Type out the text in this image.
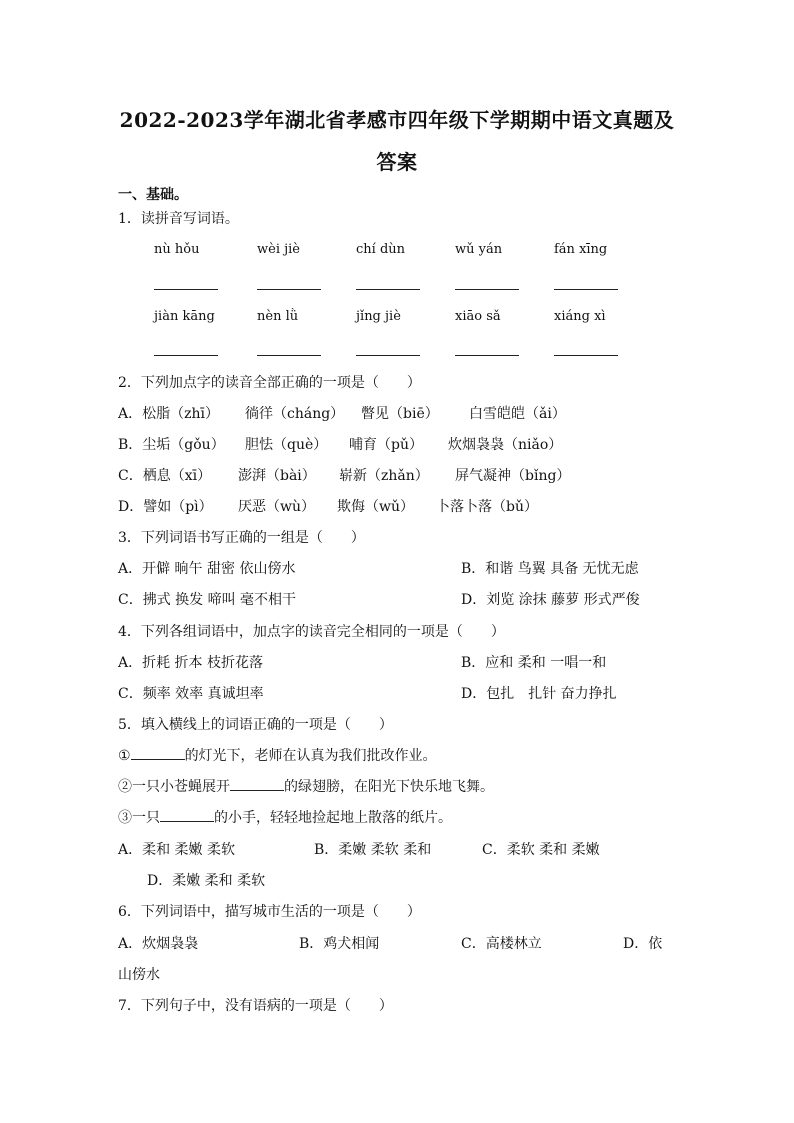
2022-2023学年湖北省孝感市四年级下学期期中语文真题及
答案
一、基础。
1．读拼音写词语。
nù hǒu	wèi jiè	chí dùn	wǔ yán	fán xīng
jiàn kāng	nèn lǜ	jǐng jiè	xiāo sǎ	xiáng xì
2．下列加点字的读音全部正确的一项是（　　）
A．松脂（zhī） 徜徉（cháng） 瞥见（biē） 白雪皑皑（ǎi）
B．尘垢（gǒu） 胆怯（què） 哺育（pǔ） 炊烟袅袅（niǎo）
C．栖息（xī） 澎湃（bài） 崭新（zhǎn） 屏气凝神（bǐng）
D．譬如（pì） 厌恶（wù） 欺侮（wǔ） 卜落卜落（bǔ）
3．下列词语书写正确的一组是（　　）
A．开僻 晌午 甜密 依山傍水	B．和谐 鸟翼 具备 无忧无虑
C．拂式 换发 啼叫 毫不相干	D．刘览 涂抹 藤萝 形式严俊
4．下列各组词语中，加点字的读音完全相同的一项是（　　）
A．折耗 折本 枝折花落	B．应和 柔和 一唱一和
C．频率 效率 真诚坦率	D．包扎　扎针 奋力挣扎
5．填入横线上的词语正确的一项是（　　）
①	的灯光下，老师在认真为我们批改作业。
②一只小苍蝇展开	的绿翅膀，在阳光下快乐地飞舞。
③一只	的小手，轻轻地捡起地上散落的纸片。
A．柔和 柔嫩 柔软	B．柔嫩 柔软 柔和	C．柔软 柔和 柔嫩
D．柔嫩 柔和 柔软
6．下列词语中，描写城市生活的一项是（　　）
A．炊烟袅袅	B．鸡犬相闻	C．高楼林立	D．依
山傍水
7．下列句子中，没有语病的一项是（　　）
